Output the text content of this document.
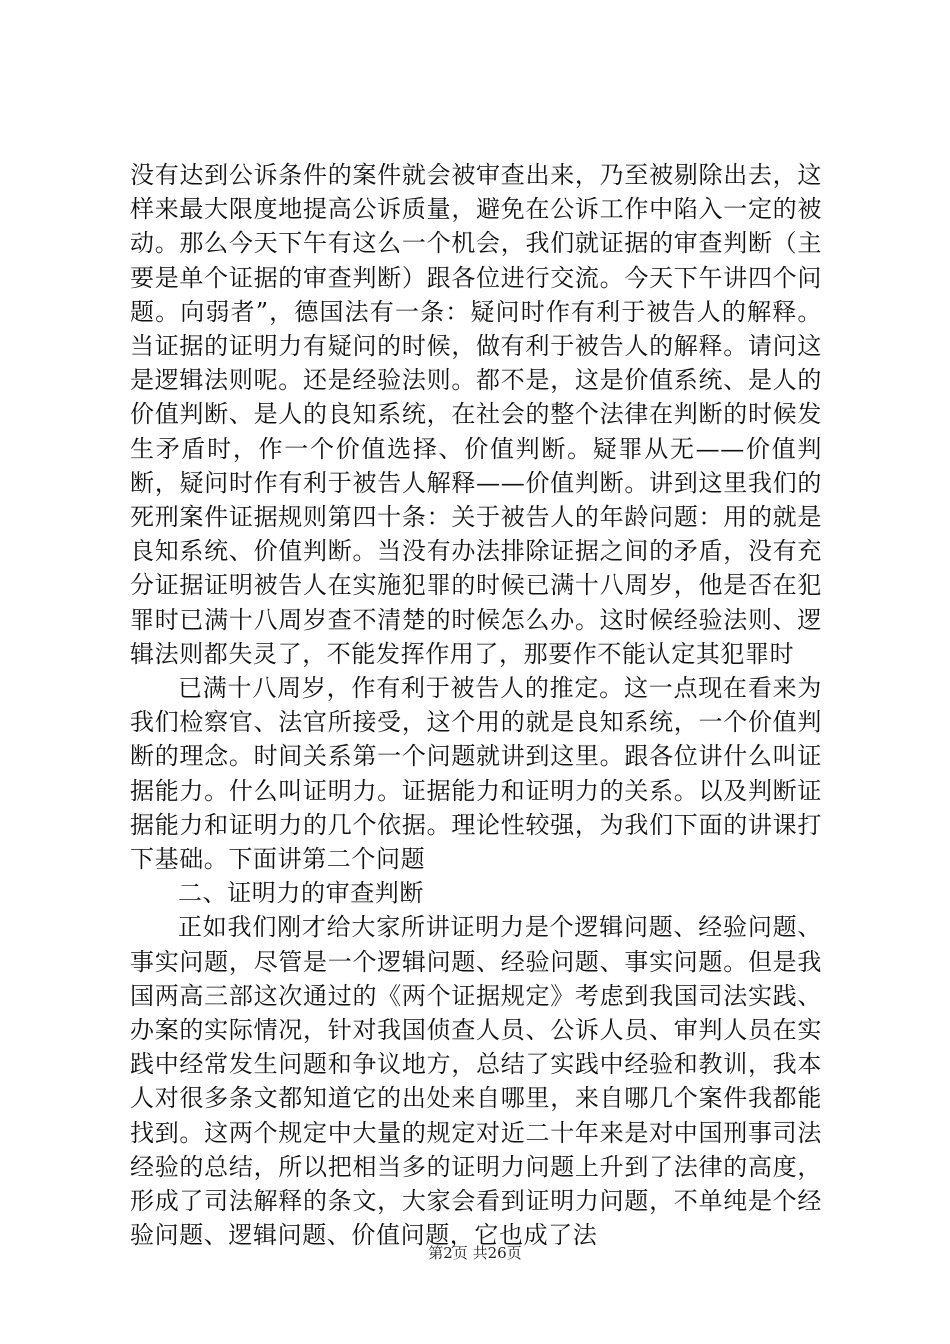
没有达到公诉条件的案件就会被审查出来，乃至被剔除出去，这样来最大限度地提高公诉质量，避免在公诉工作中陷入一定的被动。那么今天下午有这么一个机会，我们就证据的审查判断（主要是单个证据的审查判断）跟各位进行交流。今天下午讲四个问题。向弱者”，德国法有一条：疑问时作有利于被告人的解释。当证据的证明力有疑问的时候，做有利于被告人的解释。请问这是逻辑法则呢。还是经验法则。都不是，这是价值系统、是人的价值判断、是人的良知系统，在社会的整个法律在判断的时候发生矛盾时，作一个价值选择、价值判断。疑罪从无——价值判断，疑问时作有利于被告人解释——价值判断。讲到这里我们的死刑案件证据规则第四十条：关于被告人的年龄问题：用的就是良知系统、价值判断。当没有办法排除证据之间的矛盾，没有充分证据证明被告人在实施犯罪的时候已满十八周岁，他是否在犯罪时已满十八周岁查不清楚的时候怎么办。这时候经验法则、逻辑法则都失灵了，不能发挥作用了，那要作不能认定其犯罪时

已满十八周岁，作有利于被告人的推定。这一点现在看来为我们检察官、法官所接受，这个用的就是良知系统，一个价值判断的理念。时间关系第一个问题就讲到这里。跟各位讲什么叫证据能力。什么叫证明力。证据能力和证明力的关系。以及判断证据能力和证明力的几个依据。理论性较强，为我们下面的讲课打下基础。下面讲第二个问题

二、证明力的审查判断

正如我们刚才给大家所讲证明力是个逻辑问题、经验问题、事实问题，尽管是一个逻辑问题、经验问题、事实问题。但是我国两高三部这次通过的《两个证据规定》考虑到我国司法实践、办案的实际情况，针对我国侦查人员、公诉人员、审判人员在实践中经常发生问题和争议地方，总结了实践中经验和教训，我本人对很多条文都知道它的出处来自哪里，来自哪几个案件我都能找到。这两个规定中大量的规定对近二十年来是对中国刑事司法经验的总结，所以把相当多的证明力问题上升到了法律的高度，形成了司法解释的条文，大家会看到证明力问题，不单纯是个经验问题、逻辑问题、价值问题，它也成了法

第2页 共26页
